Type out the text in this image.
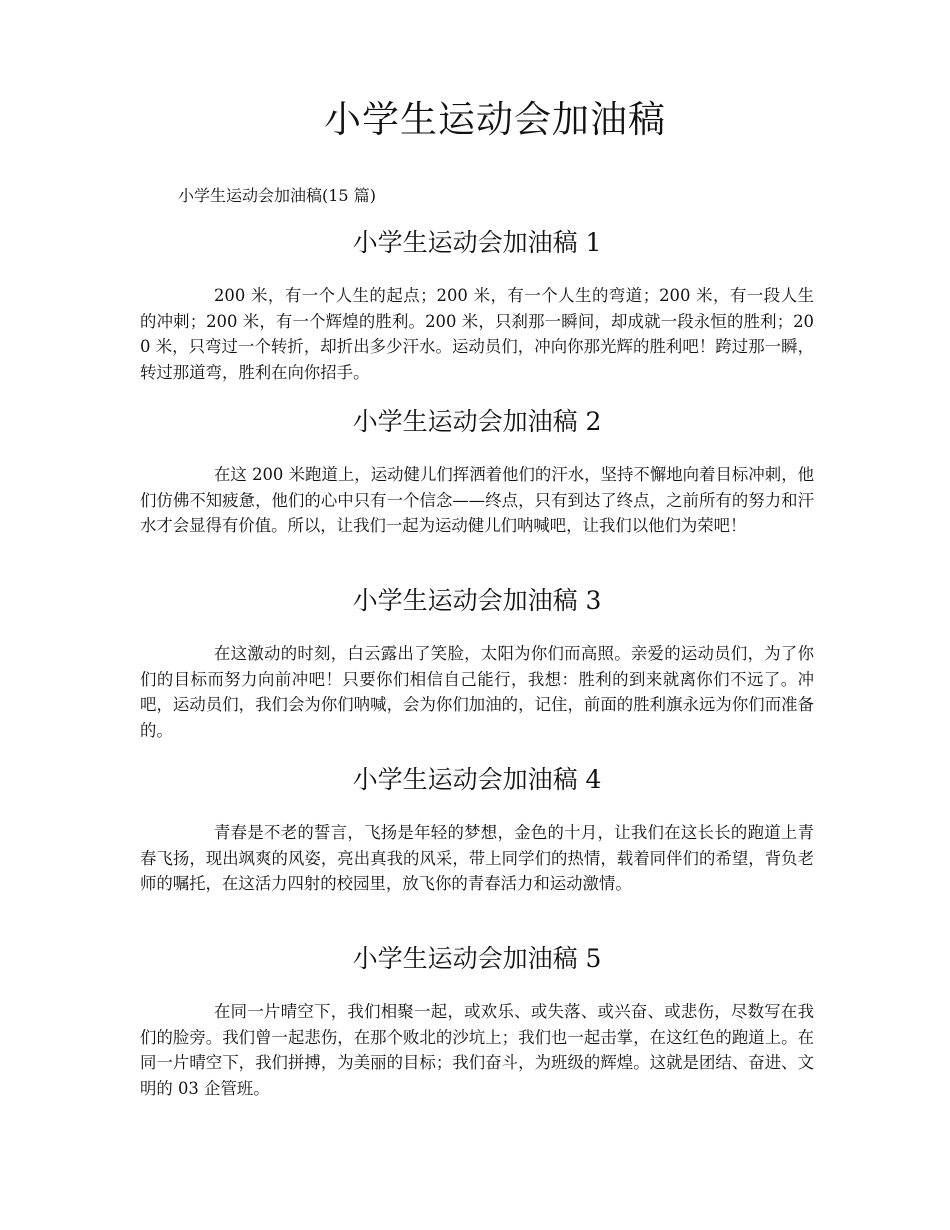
小学生运动会加油稿

小学生运动会加油稿(15 篇)

小学生运动会加油稿 1

200 米，有一个人生的起点；200 米，有一个人生的弯道；200 米，有一段人生的冲刺；200 米，有一个辉煌的胜利。200 米，只刹那一瞬间，却成就一段永恒的胜利；200 米，只弯过一个转折，却折出多少汗水。运动员们，冲向你那光辉的胜利吧！跨过那一瞬，转过那道弯，胜利在向你招手。

小学生运动会加油稿 2

在这 200 米跑道上，运动健儿们挥洒着他们的汗水，坚持不懈地向着目标冲刺，他们仿佛不知疲惫，他们的心中只有一个信念——终点，只有到达了终点，之前所有的努力和汗水才会显得有价值。所以，让我们一起为运动健儿们呐喊吧，让我们以他们为荣吧！

小学生运动会加油稿 3

在这激动的时刻，白云露出了笑脸，太阳为你们而高照。亲爱的运动员们，为了你们的目标而努力向前冲吧！只要你们相信自己能行，我想：胜利的到来就离你们不远了。冲吧，运动员们，我们会为你们呐喊，会为你们加油的，记住，前面的胜利旗永远为你们而准备的。

小学生运动会加油稿 4

青春是不老的誓言，飞扬是年轻的梦想，金色的十月，让我们在这长长的跑道上青春飞扬，现出飒爽的风姿，亮出真我的风采，带上同学们的热情，载着同伴们的希望，背负老师的嘱托，在这活力四射的校园里，放飞你的青春活力和运动激情。

小学生运动会加油稿 5

在同一片晴空下，我们相聚一起，或欢乐、或失落、或兴奋、或悲伤，尽数写在我们的脸旁。我们曾一起悲伤，在那个败北的沙坑上；我们也一起击掌，在这红色的跑道上。在同一片晴空下，我们拼搏，为美丽的目标；我们奋斗，为班级的辉煌。这就是团结、奋进、文明的 03 企管班。
